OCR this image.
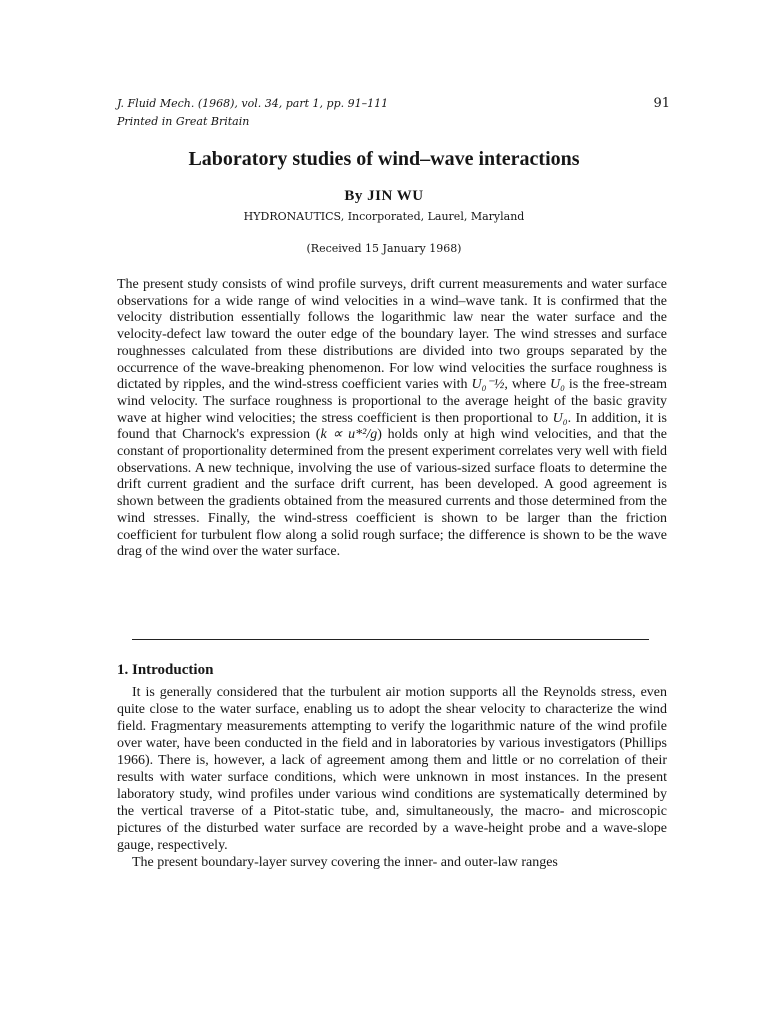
J. Fluid Mech. (1968), vol. 34, part 1, pp. 91–111	91
Printed in Great Britain
Laboratory studies of wind–wave interactions
By JIN WU
HYDRONAUTICS, Incorporated, Laurel, Maryland
(Received 15 January 1968)

The present study consists of wind profile surveys, drift current measurements and water surface observations for a wide range of wind velocities in a wind–wave tank. It is confirmed that the velocity distribution essentially follows the logarithmic law near the water surface and the velocity-defect law toward the outer edge of the boundary layer. The wind stresses and surface roughnesses calculated from these distributions are divided into two groups separated by the occurrence of the wave-breaking phenomenon. For low wind velocities the surface roughness is dictated by ripples, and the wind-stress coefficient varies with U₀⁻½, where U₀ is the free-stream wind velocity. The surface roughness is proportional to the average height of the basic gravity wave at higher wind velocities; the stress coefficient is then proportional to U₀. In addition, it is found that Charnock's expression (k ∝ u*²/g) holds only at high wind velocities, and that the constant of proportionality determined from the present experiment correlates very well with field observations. A new technique, involving the use of various-sized surface floats to determine the drift current gradient and the surface drift current, has been developed. A good agreement is shown between the gradients obtained from the measured currents and those determined from the wind stresses. Finally, the wind-stress coefficient is shown to be larger than the friction coefficient for turbulent flow along a solid rough surface; the difference is shown to be the wave drag of the wind over the water surface.

1. Introduction

It is generally considered that the turbulent air motion supports all the Reynolds stress, even quite close to the water surface, enabling us to adopt the shear velocity to characterize the wind field. Fragmentary measurements attempting to verify the logarithmic nature of the wind profile over water, have been conducted in the field and in laboratories by various investigators (Phillips 1966). There is, however, a lack of agreement among them and little or no correlation of their results with water surface conditions, which were unknown in most instances. In the present laboratory study, wind profiles under various wind conditions are systematically determined by the vertical traverse of a Pitot-static tube, and, simultaneously, the macro- and microscopic pictures of the disturbed water surface are recorded by a wave-height probe and a wave-slope gauge, respectively.

The present boundary-layer survey covering the inner- and outer-law ranges
